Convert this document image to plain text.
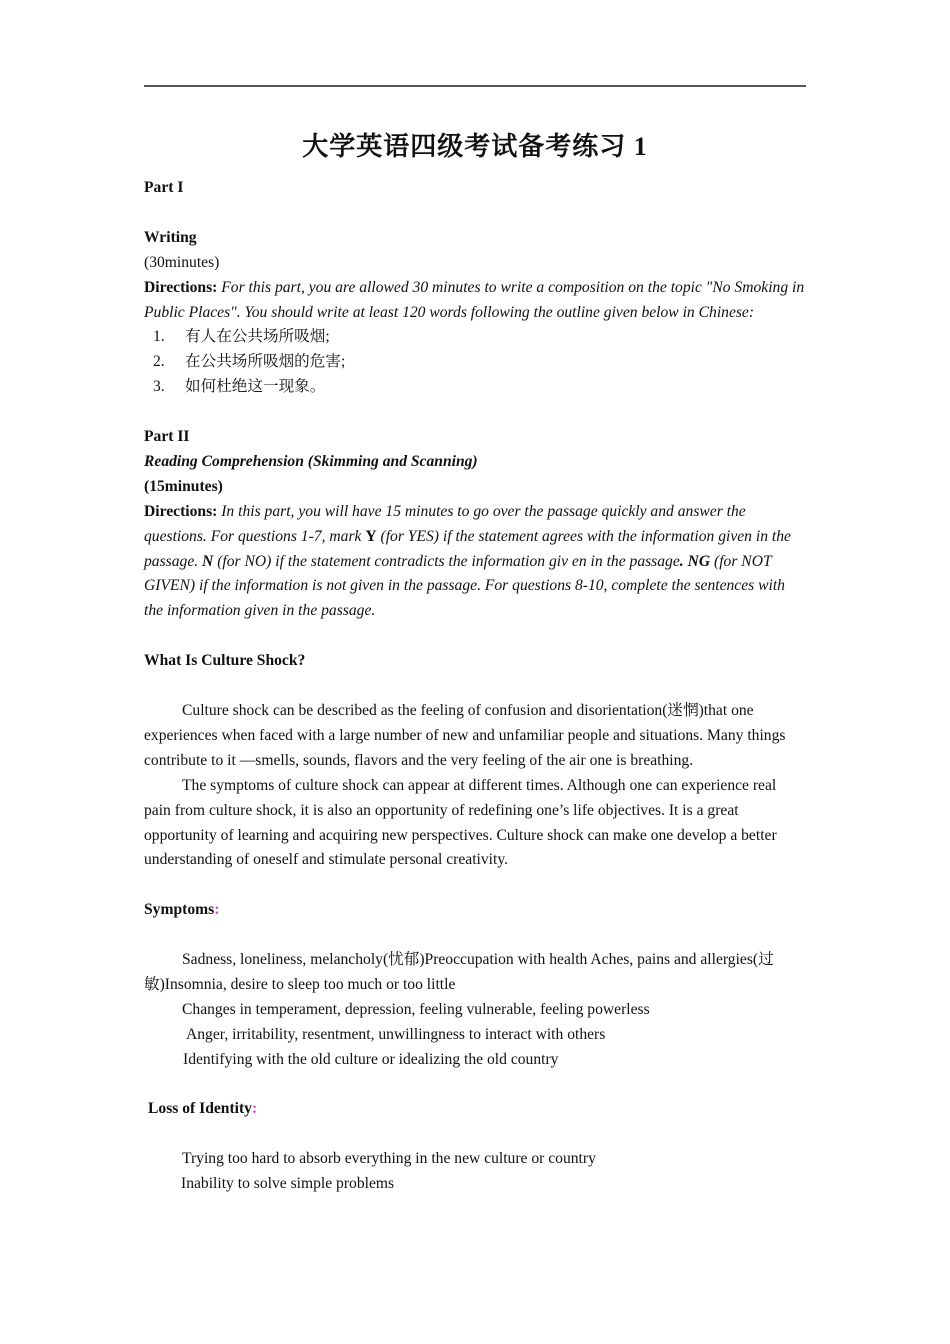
大学英语四级考试备考练习 1
Part I
Writing
(30minutes)

Directions: For this part, you are allowed 30 minutes to write a composition on the topic "No Smoking in Public Places". You should write at least 120 words following the outline given below in Chinese:

1.	有人在公共场所吸烟;
2.	在公共场所吸烟的危害;
3.	如何杜绝这一现象。
Part II
Reading Comprehension (Skimming and Scanning)
(15minutes)

Directions: In this part, you will have 15 minutes to go over the passage quickly and answer the questions. For questions 1-7, mark Y (for YES) if the statement agrees with the information given in the passage. N (for NO) if the statement contradicts the information giv en in the passage. NG (for NOT GIVEN) if the information is not given in the passage. For questions 8-10, complete the sentences with the information given in the passage.

What Is Culture Shock?

Culture shock can be described as the feeling of confusion and disorientation(迷惘)that one experiences when faced with a large number of new and unfamiliar people and situations. Many things contribute to it —smells, sounds, flavors and the very feeling of the air one is breathing.

The symptoms of culture shock can appear at different times. Although one can experience real pain from culture shock, it is also an opportunity of redefining one’s life objectives. It is a great opportunity of learning and acquiring new perspectives. Culture shock can make one develop a better understanding of oneself and stimulate personal creativity.

Symptoms:

Sadness, loneliness, melancholy(忧郁)Preoccupation with health Aches, pains and allergies(过敏)Insomnia, desire to sleep too much or too little

Changes in temperament, depression, feeling vulnerable, feeling powerless
Anger, irritability, resentment, unwillingness to interact with others
Identifying with the old culture or idealizing the old country
Loss of Identity:
Trying too hard to absorb everything in the new culture or country
Inability to solve simple problems
